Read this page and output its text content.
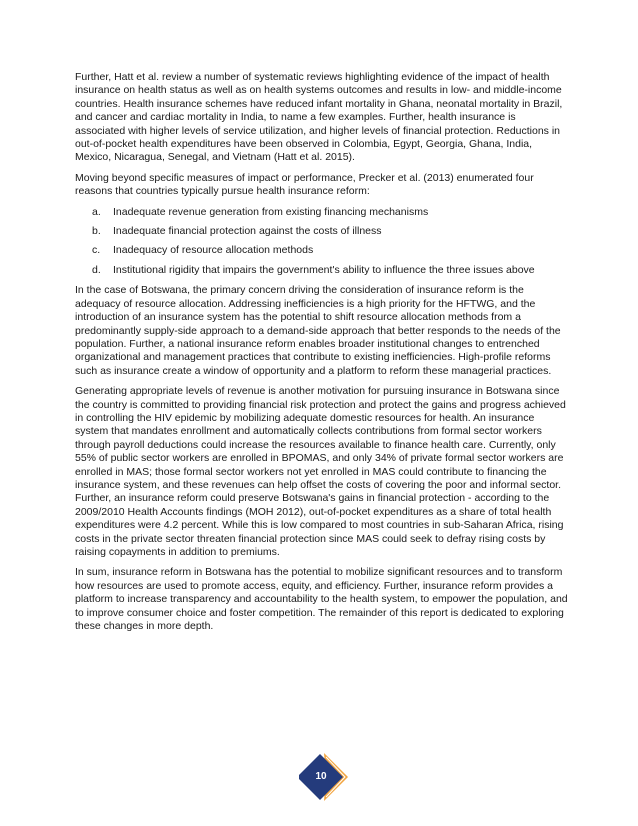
Further, Hatt et al. review a number of systematic reviews highlighting evidence of the impact of health insurance on health status as well as on health systems outcomes and results in low- and middle-income countries. Health insurance schemes have reduced infant mortality in Ghana, neonatal mortality in Brazil, and cancer and cardiac mortality in India, to name a few examples. Further, health insurance is associated with higher levels of service utilization, and higher levels of financial protection. Reductions in out-of-pocket health expenditures have been observed in Colombia, Egypt, Georgia, Ghana, India, Mexico, Nicaragua, Senegal, and Vietnam (Hatt et al. 2015).

Moving beyond specific measures of impact or performance, Precker et al. (2013) enumerated four reasons that countries typically pursue health insurance reform:

a.	Inadequate revenue generation from existing financing mechanisms
b.	Inadequate financial protection against the costs of illness
c.	Inadequacy of resource allocation methods
d.	Institutional rigidity that impairs the government's ability to influence the three issues above

In the case of Botswana, the primary concern driving the consideration of insurance reform is the adequacy of resource allocation. Addressing inefficiencies is a high priority for the HFTWG, and the introduction of an insurance system has the potential to shift resource allocation methods from a predominantly supply-side approach to a demand-side approach that better responds to the needs of the population. Further, a national insurance reform enables broader institutional changes to entrenched organizational and management practices that contribute to existing inefficiencies. High-profile reforms such as insurance create a window of opportunity and a platform to reform these managerial practices.

Generating appropriate levels of revenue is another motivation for pursuing insurance in Botswana since the country is committed to providing financial risk protection and protect the gains and progress achieved in controlling the HIV epidemic by mobilizing adequate domestic resources for health. An insurance system that mandates enrollment and automatically collects contributions from formal sector workers through payroll deductions could increase the resources available to finance health care. Currently, only 55% of public sector workers are enrolled in BPOMAS, and only 34% of private formal sector workers are enrolled in MAS; those formal sector workers not yet enrolled in MAS could contribute to financing the insurance system, and these revenues can help offset the costs of covering the poor and informal sector. Further, an insurance reform could preserve Botswana's gains in financial protection - according to the 2009/2010 Health Accounts findings (MOH 2012), out-of-pocket expenditures as a share of total health expenditures were 4.2 percent. While this is low compared to most countries in sub-Saharan Africa, rising costs in the private sector threaten financial protection since MAS could seek to defray rising costs by raising copayments in addition to premiums.

In sum, insurance reform in Botswana has the potential to mobilize significant resources and to transform how resources are used to promote access, equity, and efficiency. Further, insurance reform provides a platform to increase transparency and accountability to the health system, to empower the population, and to improve consumer choice and foster competition. The remainder of this report is dedicated to exploring these changes in more depth.

10
